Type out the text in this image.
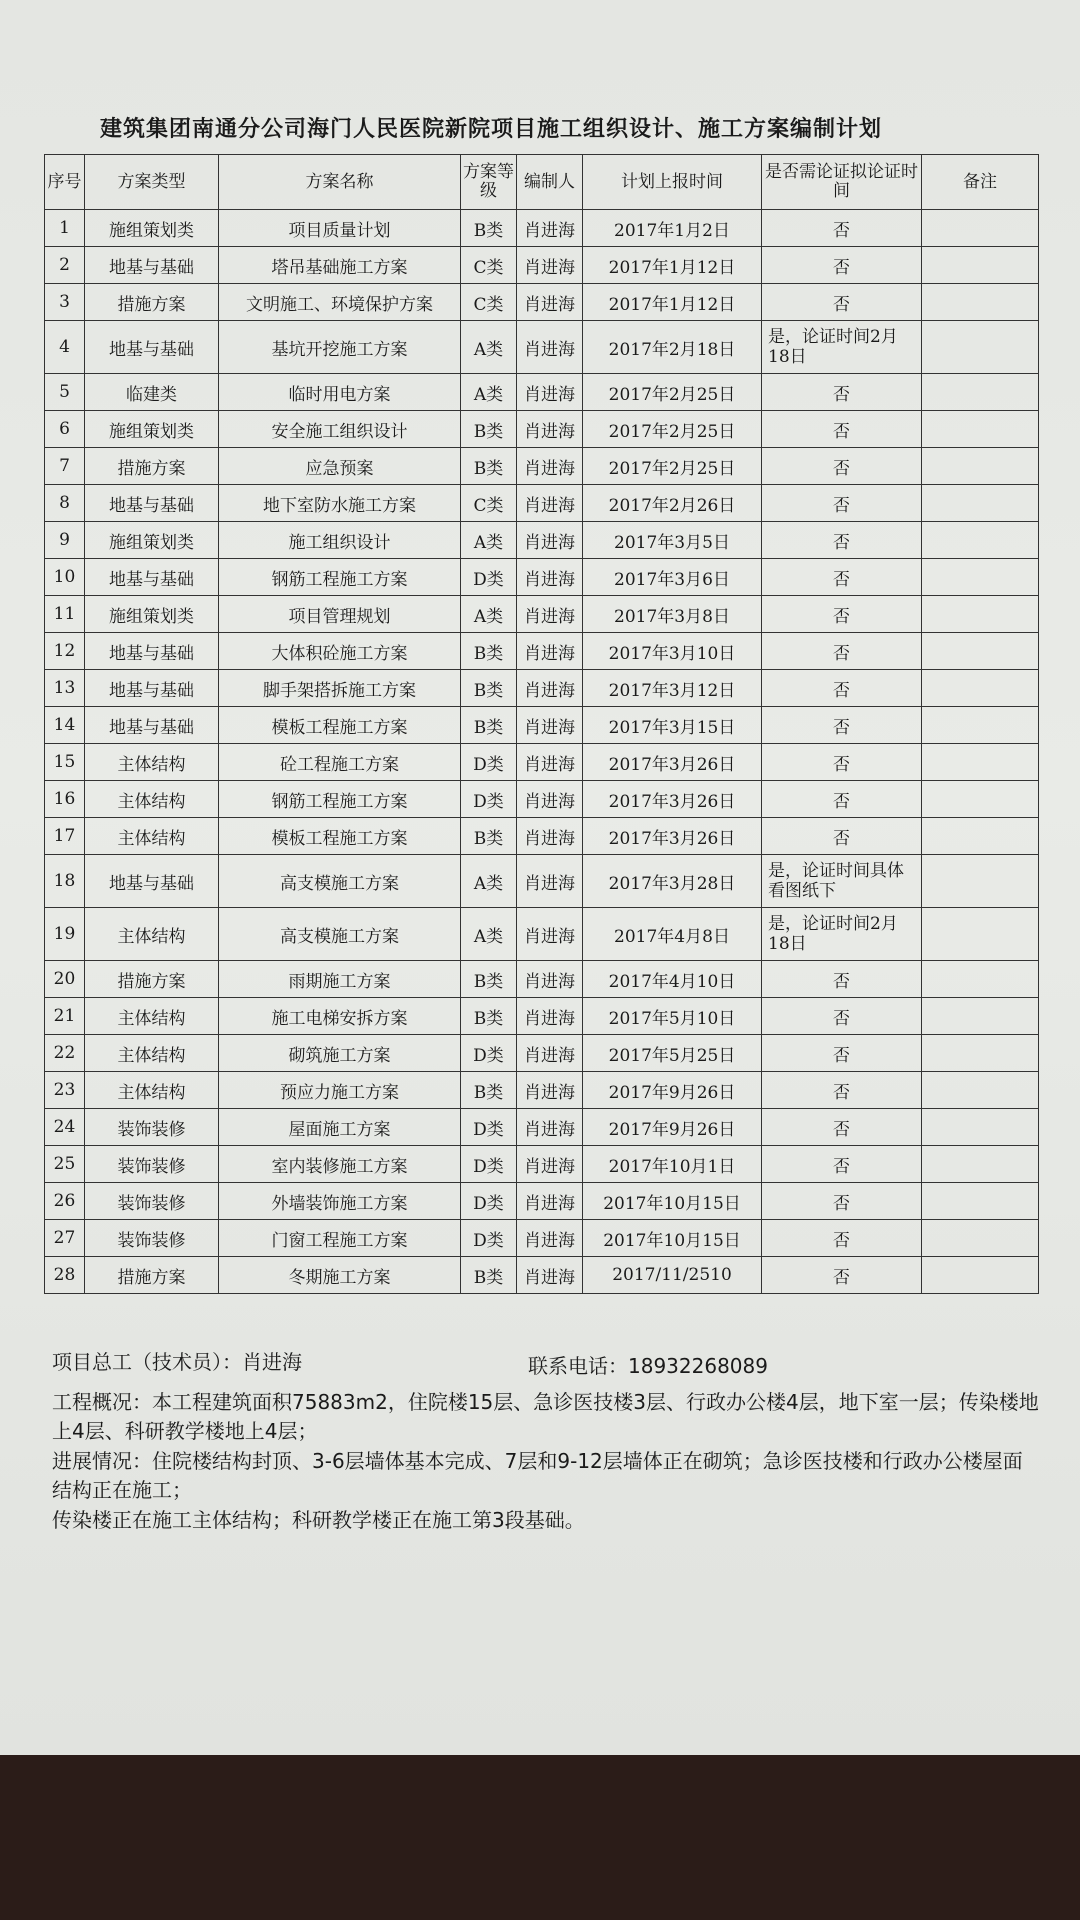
建筑集团南通分公司海门人民医院新院项目施工组织设计、施工方案编制计划
序号	方案类型	方案名称	方案等级	编制人	计划上报时间	是否需论证拟论证时间	备注
1	施组策划类	项目质量计划	B类	肖进海	2017年1月2日	否	
2	地基与基础	塔吊基础施工方案	C类	肖进海	2017年1月12日	否	
3	措施方案	文明施工、环境保护方案	C类	肖进海	2017年1月12日	否	
4	地基与基础	基坑开挖施工方案	A类	肖进海	2017年2月18日	是，论证时间2月18日	
5	临建类	临时用电方案	A类	肖进海	2017年2月25日	否	
6	施组策划类	安全施工组织设计	B类	肖进海	2017年2月25日	否	
7	措施方案	应急预案	B类	肖进海	2017年2月25日	否	
8	地基与基础	地下室防水施工方案	C类	肖进海	2017年2月26日	否	
9	施组策划类	施工组织设计	A类	肖进海	2017年3月5日	否	
10	地基与基础	钢筋工程施工方案	D类	肖进海	2017年3月6日	否	
11	施组策划类	项目管理规划	A类	肖进海	2017年3月8日	否	
12	地基与基础	大体积砼施工方案	B类	肖进海	2017年3月10日	否	
13	地基与基础	脚手架搭拆施工方案	B类	肖进海	2017年3月12日	否	
14	地基与基础	模板工程施工方案	B类	肖进海	2017年3月15日	否	
15	主体结构	砼工程施工方案	D类	肖进海	2017年3月26日	否	
16	主体结构	钢筋工程施工方案	D类	肖进海	2017年3月26日	否	
17	主体结构	模板工程施工方案	B类	肖进海	2017年3月26日	否	
18	地基与基础	高支模施工方案	A类	肖进海	2017年3月28日	是，论证时间具体看图纸下	
19	主体结构	高支模施工方案	A类	肖进海	2017年4月8日	是，论证时间2月18日	
20	措施方案	雨期施工方案	B类	肖进海	2017年4月10日	否	
21	主体结构	施工电梯安拆方案	B类	肖进海	2017年5月10日	否	
22	主体结构	砌筑施工方案	D类	肖进海	2017年5月25日	否	
23	主体结构	预应力施工方案	B类	肖进海	2017年9月26日	否	
24	装饰装修	屋面施工方案	D类	肖进海	2017年9月26日	否	
25	装饰装修	室内装修施工方案	D类	肖进海	2017年10月1日	否	
26	装饰装修	外墙装饰施工方案	D类	肖进海	2017年10月15日	否	
27	装饰装修	门窗工程施工方案	D类	肖进海	2017年10月15日	否	
28	措施方案	冬期施工方案	B类	肖进海	2017/11/2510	否	
项目总工（技术员）：肖进海	联系电话：18932268089
工程概况：本工程建筑面积75883m2，住院楼15层、急诊医技楼3层、行政办公楼4层，地下室一层；传染楼地上4层、科研教学楼地上4层；
进展情况：住院楼结构封顶、3-6层墙体基本完成、7层和9-12层墙体正在砌筑；急诊医技楼和行政办公楼屋面结构正在施工；
传染楼正在施工主体结构；科研教学楼正在施工第3段基础。
